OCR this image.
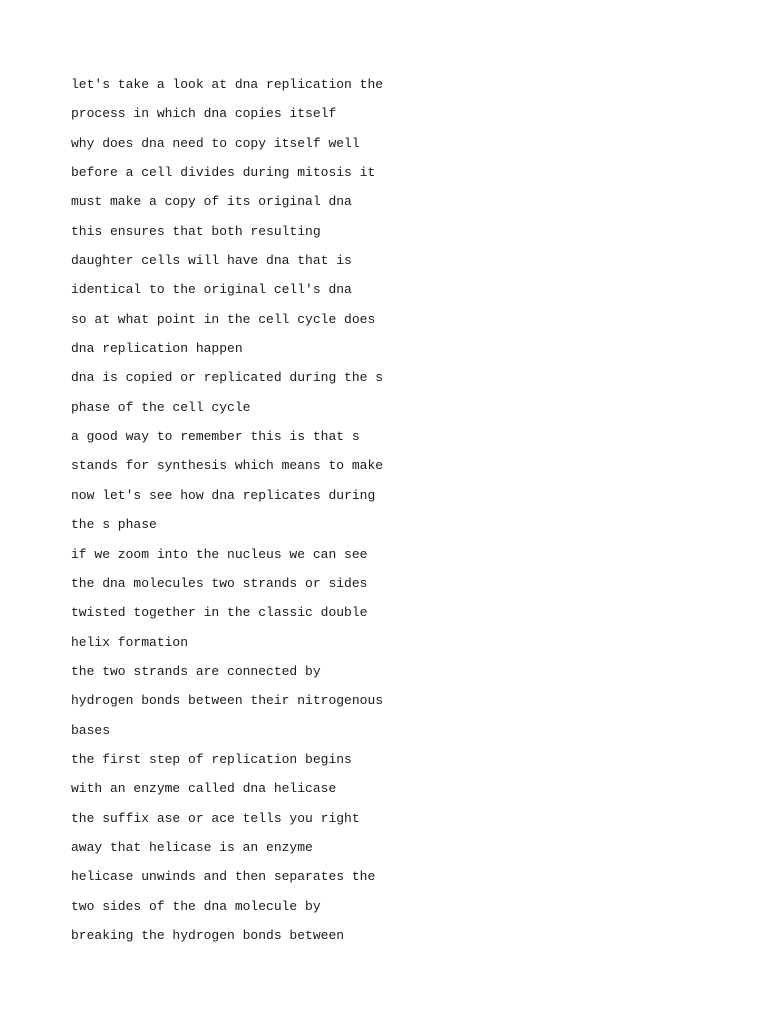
let's take a look at dna replication the
process in which dna copies itself
why does dna need to copy itself well
before a cell divides during mitosis it
must make a copy of its original dna
this ensures that both resulting
daughter cells will have dna that is
identical to the original cell's dna
so at what point in the cell cycle does
dna replication happen
dna is copied or replicated during the s
phase of the cell cycle
a good way to remember this is that s
stands for synthesis which means to make
now let's see how dna replicates during
the s phase
if we zoom into the nucleus we can see
the dna molecules two strands or sides
twisted together in the classic double
helix formation
the two strands are connected by
hydrogen bonds between their nitrogenous
bases
the first step of replication begins
with an enzyme called dna helicase
the suffix ase or ace tells you right
away that helicase is an enzyme
helicase unwinds and then separates the
two sides of the dna molecule by
breaking the hydrogen bonds between
